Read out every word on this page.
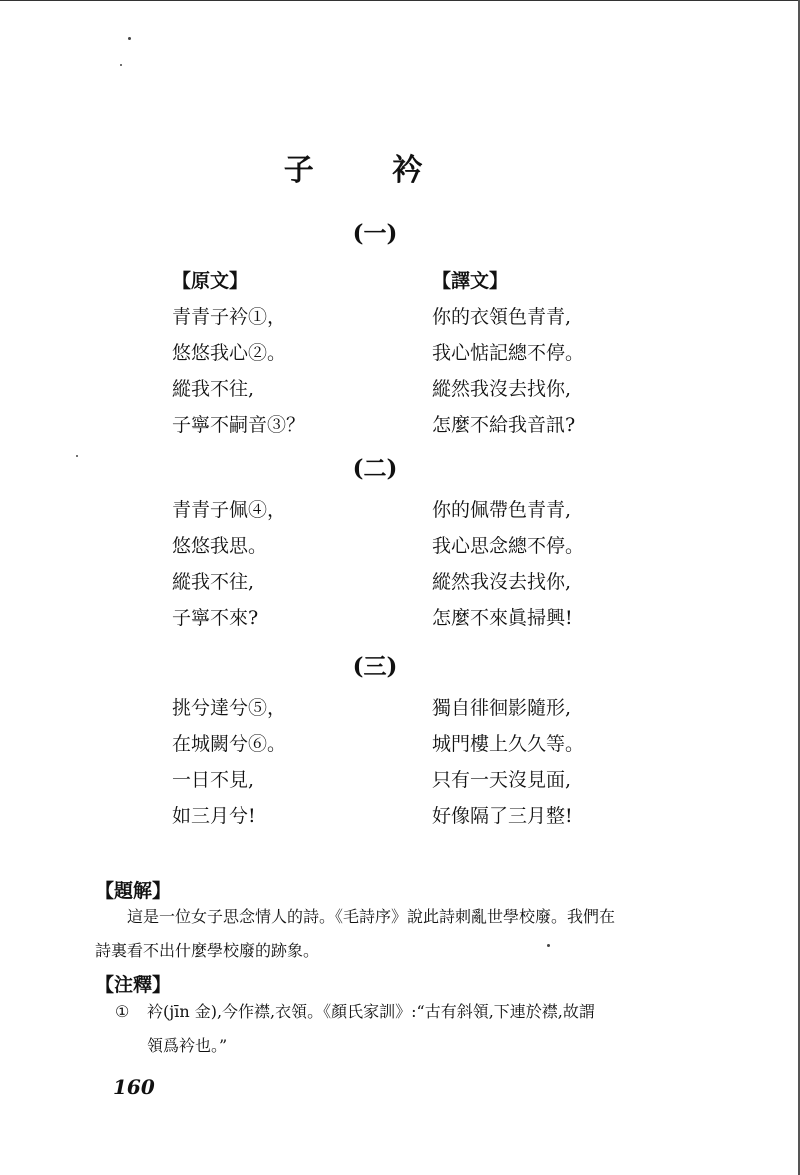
子 衿
(一)
【原文】
青青子衿①，
悠悠我心②。
縱我不往,
子寧不嗣音③？
【譯文】
你的衣領色青青,
我心惦記總不停。
縱然我沒去找你,
怎麼不給我音訊?
(二)
青青子佩④，
悠悠我思。
縱我不往,
子寧不來?
你的佩帶色青青,
我心思念總不停。
縱然我沒去找你,
怎麼不來眞掃興!
(三)
挑兮達兮⑤，
在城闕兮⑥。
一日不見,
如三月兮!
獨自徘徊影隨形,
城門樓上久久等。
只有一天沒見面,
好像隔了三月整!
【題解】
這是一位女子思念情人的詩。《毛詩序》說此詩刺亂世學校廢。我們在
詩裏看不出什麼學校廢的跡象。
【注釋】
① 衿(jīn 金),今作襟,衣領。《顏氏家訓》:“古有斜領,下連於襟,故謂
領爲衿也。”
160
